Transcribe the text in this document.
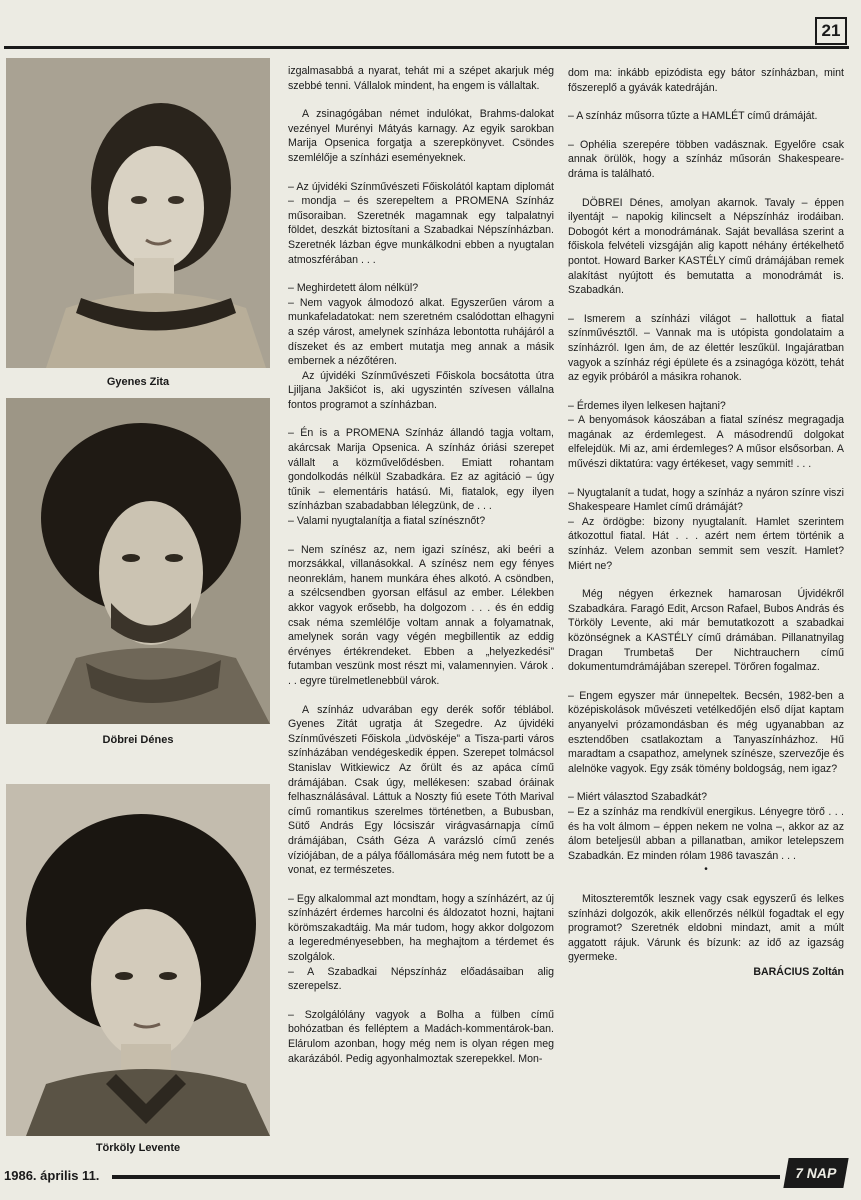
21
Gyenes Zita
Döbrei Dénes
Törköly Levente

izgalmasabbá a nyarat, tehát mi a szépet akarjuk még szebbé tenni. Vállalok mindent, ha engem is vállaltak.

A zsinagógában német indulókat, Brahms-dalokat vezényel Murényi Mátyás karnagy. Az egyik sarokban Marija Opsenica forgatja a szerepkönyvet. Csöndes szemlélője a színházi eseményeknek.

– Az újvidéki Színművészeti Főiskolától kaptam diplomát – mondja – és szerepeltem a PROMENA Színház műsoraiban. Szeretnék magamnak egy talpalatnyi földet, deszkát biztosítani a Szabadkai Népszínházban. Szeretnék lázban égve munkálkodni ebben a nyugtalan atmoszférában . . .

– Meghirdetett álom nélkül?

– Nem vagyok álmodozó alkat. Egyszerűen várom a munkafeladatokat: nem szeretném csalódottan elhagyni a szép várost, amelynek színháza lebontotta ruhájáról a díszeket és az embert mutatja meg annak a másik embernek a nézőtéren.

Az újvidéki Színművészeti Főiskola bocsátotta útra Ljiljana Jakšićot is, aki ugyszintén szívesen vállalna fontos programot a színházban.

– Én is a PROMENA Színház állandó tagja voltam, akárcsak Marija Opsenica. A színház óriási szerepet vállalt a közművelődésben. Emiatt rohantam gondolkodás nélkül Szabadkára. Ez az agitáció – úgy tűnik – elementáris hatású. Mi, fiatalok, egy ilyen színházban szabadabban lélegzünk, de . . .

– Valami nyugtalanítja a fiatal színésznőt?

– Nem színész az, nem igazi színész, aki beéri a morzsákkal, villanásokkal. A színész nem egy fényes neonreklám, hanem munkára éhes alkotó. A csöndben, a szélcsendben gyorsan elfásul az ember. Lélekben akkor vagyok erősebb, ha dolgozom . . . és én eddig csak néma szemlélője voltam annak a folyamatnak, amelynek során vagy végén megbillentik az eddig érvényes értékrendeket. Ebben a „helyezkedési” futamban veszünk most részt mi, valamennyien. Várok . . . egyre türelmetlenebbül várok.

A színház udvarában egy derék sofőr téblábol. Gyenes Zitát ugratja át Szegedre. Az újvidéki Színművészeti Főiskola „üdvöskéje” a Tisza-parti város színházában vendégeskedik éppen. Szerepet tolmácsol Stanislav Witkiewicz Az őrült és az apáca című drámájában. Csak úgy, mellékesen: szabad óráinak felhasználásával. Láttuk a Noszty fiú esete Tóth Marival című romantikus szerelmes történetben, a Bubusban, Sütő András Egy lócsiszár virágvasárnapja című drámájában, Csáth Géza A varázsló című zenés víziójában, de a pálya főállomására még nem futott be a vonat, ez természetes.

– Egy alkalommal azt mondtam, hogy a színházért, az új színházért érdemes harcolni és áldozatot hozni, hajtani körömszakadtáig. Ma már tudom, hogy akkor dolgozom a legeredményesebben, ha meghajtom a térdemet és szolgálok.

– A Szabadkai Népszínház előadásaiban alig szerepelsz.

– Szolgálólány vagyok a Bolha a fülben című bohózatban és felléptem a Madách-kommentárok-ban. Elárulom azonban, hogy még nem is olyan régen meg akarázából. Pedig agyonhalmoztak szerepekkel. Mon-

dom ma: inkább epizódista egy bátor színházban, mint főszereplő a gyávák katedráján.

– A színház műsorra tűzte a HAMLÉT című drámáját.

– Ophélia szerepére többen vadásznak. Egyelőre csak annak örülök, hogy a színház műsorán Shakespeare-dráma is található.

DÖBREI Dénes, amolyan akarnok. Tavaly – éppen ilyentájt – napokig kilincselt a Népszínház irodáiban. Dobogót kért a monodrámának. Saját bevallása szerint a főiskola felvételi vizsgáján alig kapott néhány értékelhető pontot. Howard Barker KASTÉLY című drámájában remek alakítást nyújtott és bemutatta a monodrámát is. Szabadkán.

– Ismerem a színházi világot – hallottuk a fiatal színművésztől. – Vannak ma is utópista gondolataim a színházról. Igen ám, de az élettér leszűkül. Ingajáratban vagyok a színház régi épülete és a zsinagóga között, tehát az egyik próbáról a másikra rohanok.

– Érdemes ilyen lelkesen hajtani?

– A benyomások káoszában a fiatal színész megragadja magának az érdemlegest. A másodrendű dolgokat elfelejdük. Mi az, ami érdemleges? A műsor elsősorban. A művészi diktatúra: vagy értékeset, vagy semmit! . . .

– Nyugtalanít a tudat, hogy a színház a nyáron színre viszi Shakespeare Hamlet című drámáját?

– Az ördögbe: bizony nyugtalanít. Hamlet szerintem átkozottul fiatal. Hát . . . azért nem értem történik a színház. Velem azonban semmit sem veszít. Hamlet? Miért ne?

Még négyen érkeznek hamarosan Újvidékről Szabadkára. Faragó Edit, Arcson Rafael, Bubos András és Törköly Levente, aki már bemutatkozott a szabadkai közönségnek a KASTÉLY című drámában. Pillanatnyilag Dragan Trumbetaš Der Nichtrauchern című dokumentumdrámájában szerepel. Törőren fogalmaz.

– Engem egyszer már ünnepeltek. Becsén, 1982-ben a középiskolások művészeti vetélkedőjén első díjat kaptam anyanyelvi prózamondásban és még ugyanabban az esztendőben csatlakoztam a Tanyaszínházhoz. Hű maradtam a csapathoz, amelynek színésze, szervezője és alelnöke vagyok. Egy zsák tömény boldogság, nem igaz?

– Miért választod Szabadkát?

– Ez a színház ma rendkívül energikus. Lényegre törő . . . és ha volt álmom – éppen nekem ne volna –, akkor az az álom beteljesül abban a pillanatban, amikor letelepszem Szabadkán. Ez minden rólam 1986 tavaszán . . .

•

Mitoszteremtők lesznek vagy csak egyszerű és lelkes színházi dolgozók, akik ellenőrzés nélkül fogadtak el egy programot? Szeretnék eldobni mindazt, amit a múlt aggatott rájuk. Várunk és bízunk: az idő az igazság gyermeke.

BARÁCIUS Zoltán

1986. április 11.	7 NAP
